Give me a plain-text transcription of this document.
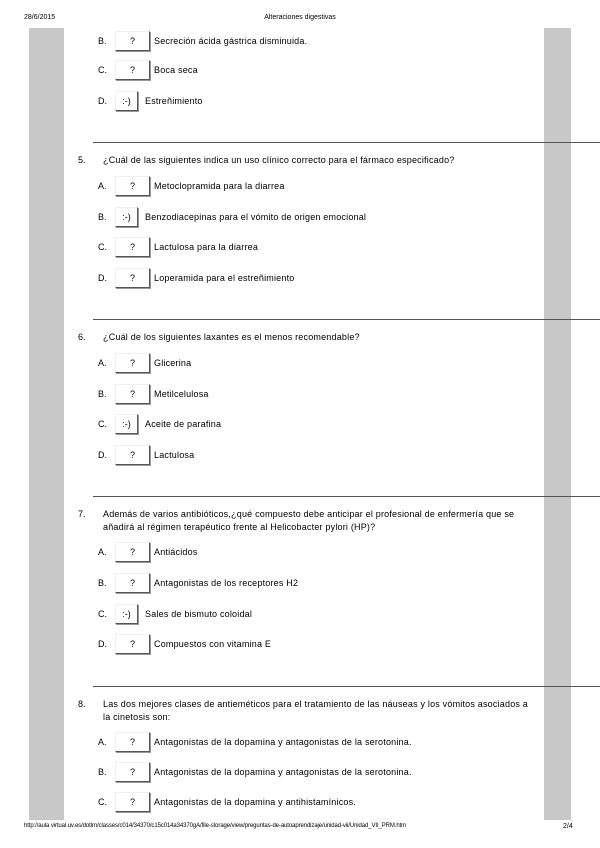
28/6/2015	Alteraciones digestivas
B.	?	Secreción ácida gástrica disminuida.
C.	?	Boca seca
D.	:-)	Estreñimiento
5. ¿Cuál de las siguientes indica un uso clínico correcto para el fármaco especificado?
A.	?	Metoclopramida para la diarrea
B.	:-)	Benzodiacepinas para el vómito de origen emocional
C.	?	Lactulosa para la diarrea
D.	?	Loperamida para el estreñimiento
6. ¿Cuál de los siguientes laxantes es el menos recomendable?
A.	?	Glicerina
B.	?	Metilcelulosa
C.	:-)	Aceite de parafina
D.	?	Lactulosa
7. Además de varios antibióticos,¿qué compuesto debe anticipar el profesional de enfermería que se añadirá al régimen terapéutico frente al Helicobacter pylori (HP)?
A.	?	Antiácidos
B.	?	Antagonistas de los receptores H2
C.	:-)	Sales de bismuto coloidal
D.	?	Compuestos con vitamina E
8. Las dos mejores clases de antieméticos para el tratamiento de las náuseas y los vómitos asociados a la cinetosis son:
A.	?	Antagonistas de la dopamina y antagonistas de la serotonina.
B.	?	Antagonistas de la dopamina y antagonistas de la serotonina.
C.	?	Antagonistas de la dopamina y antihistamínicos.
http://aula virtual.uv.es/dotlrn/classes/c014/34370/c15c014a34370gA/file-storage/view/preguntas-de-autoaprendizaje/unidad-vii/Unidad_VII_PRM.htm	2/4
